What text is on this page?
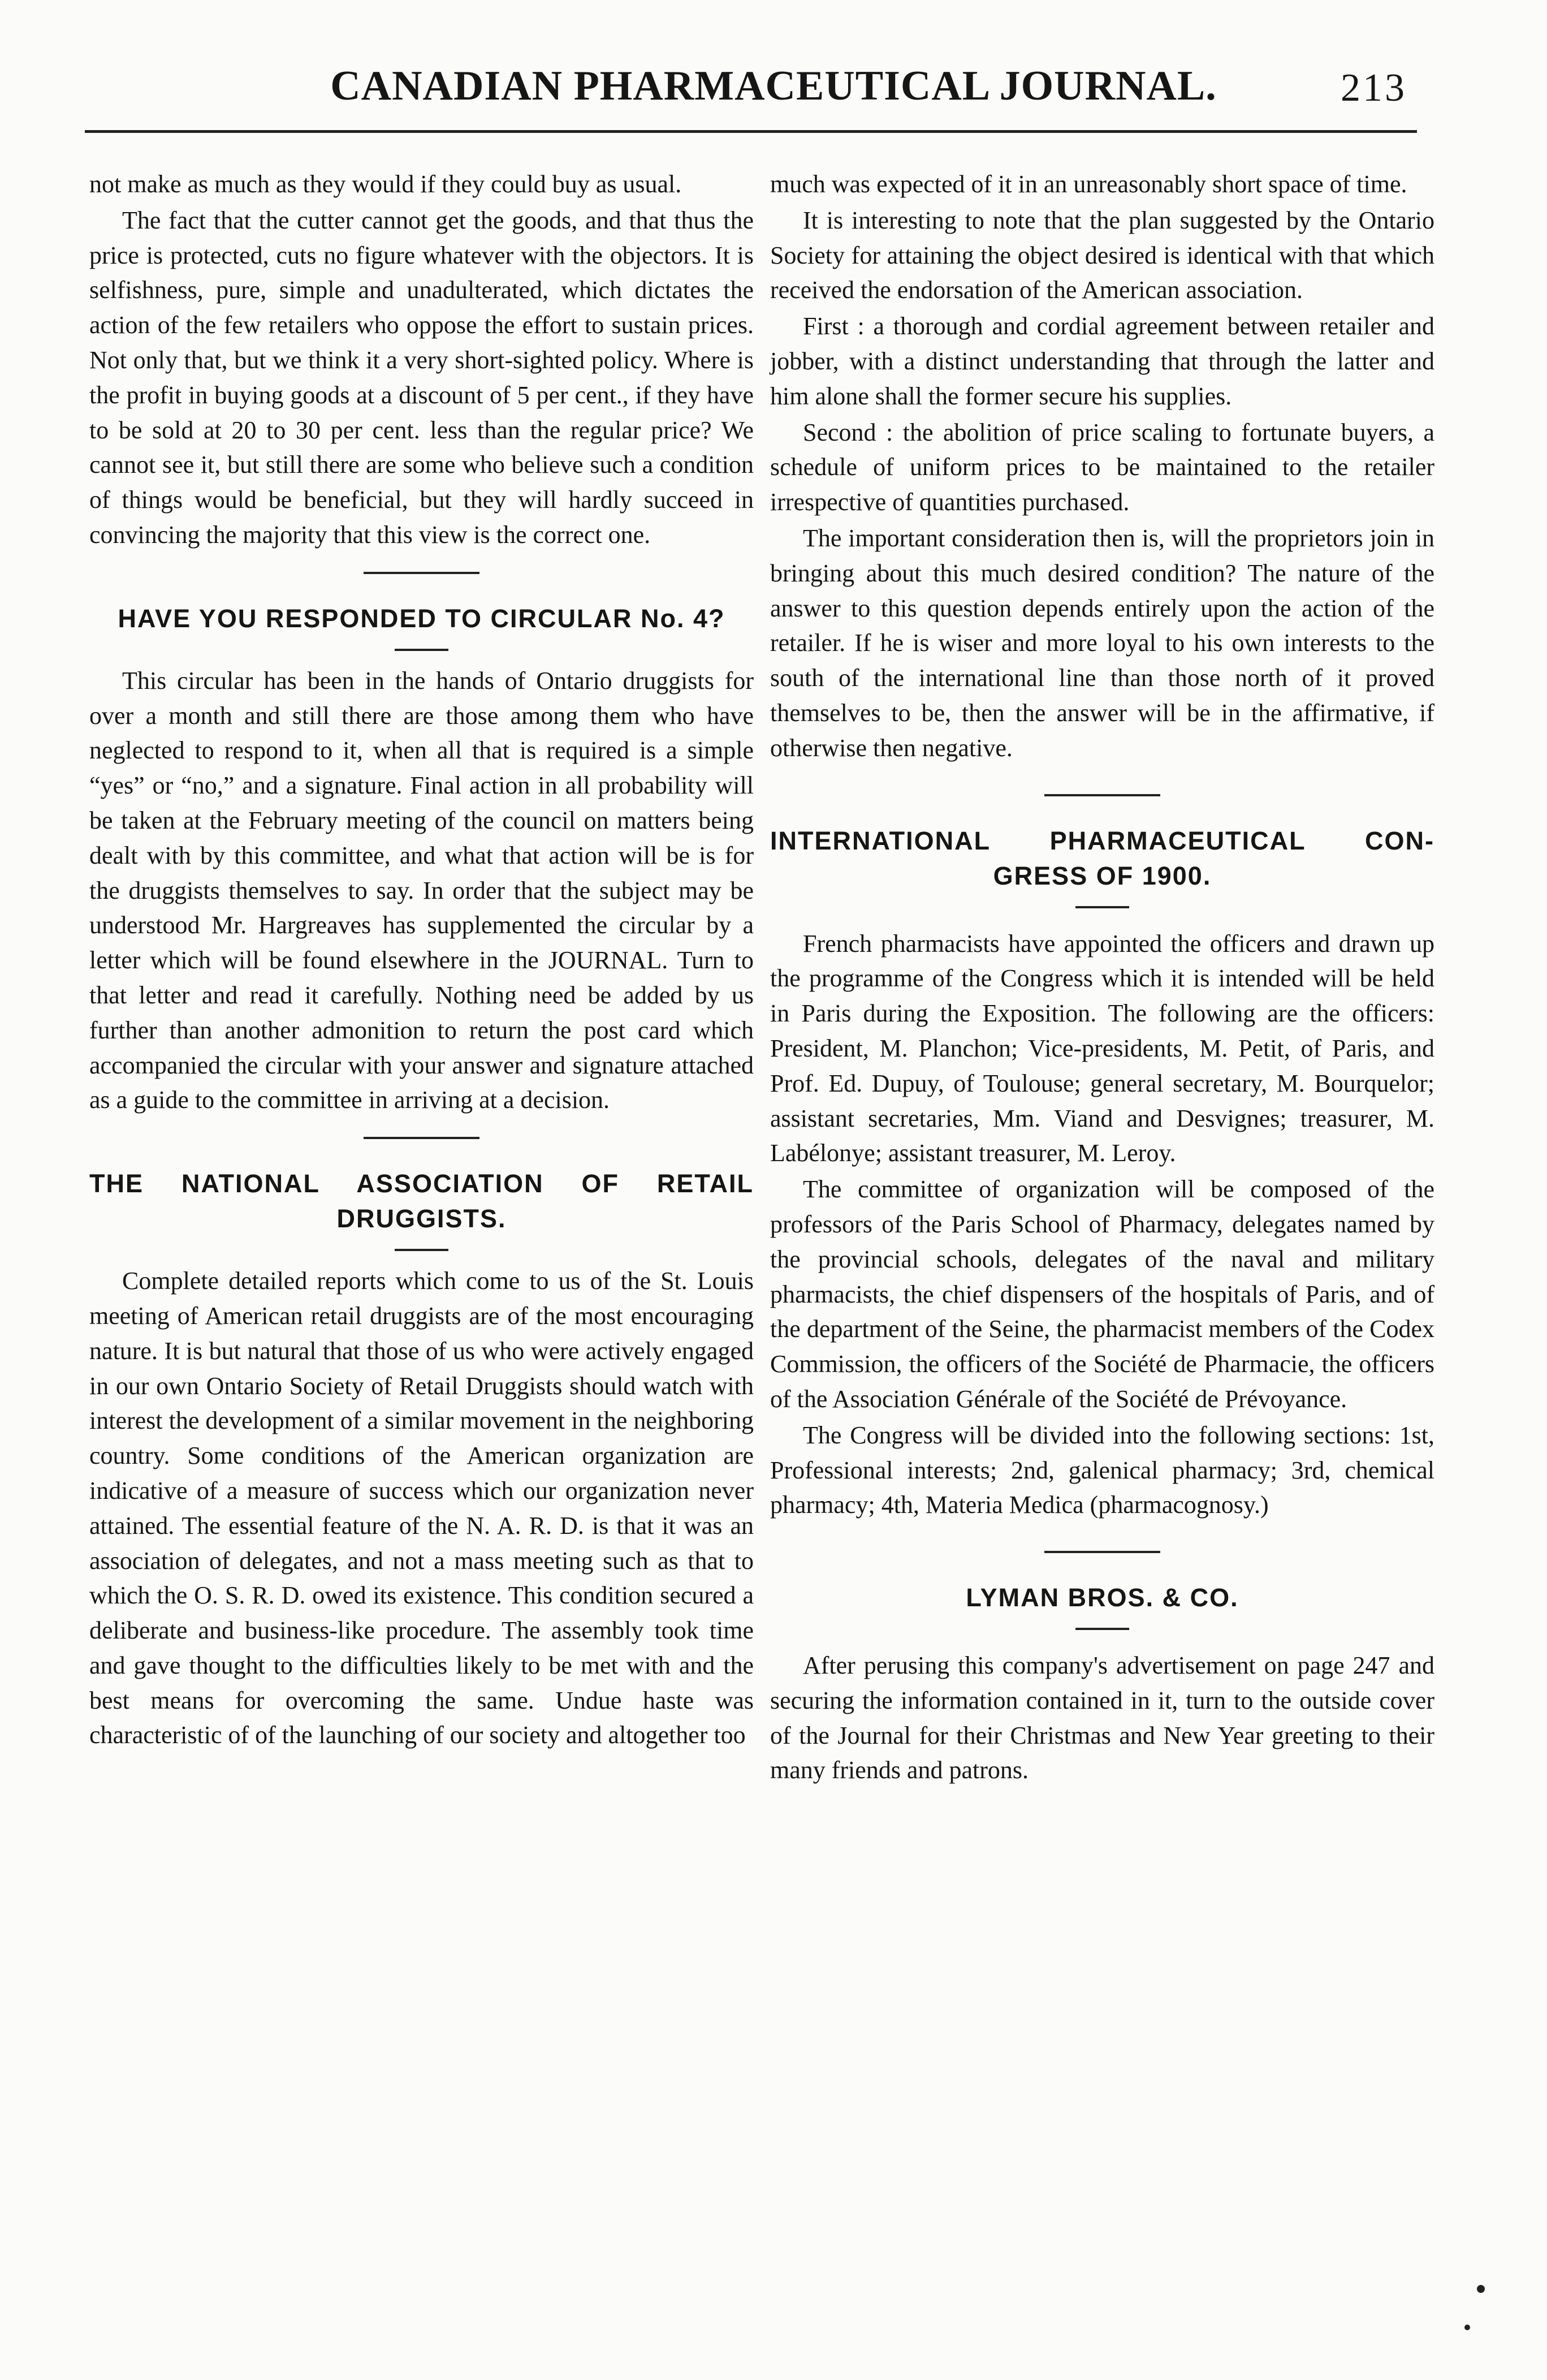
CANADIAN PHARMACEUTICAL JOURNAL.	213

not make as much as they would if they could buy as usual.

The fact that the cutter cannot get the goods, and that thus the price is protected, cuts no figure whatever with the objectors. It is selfishness, pure, simple and unadulterated, which dictates the action of the few retailers who oppose the effort to sustain prices. Not only that, but we think it a very short-sighted policy. Where is the profit in buying goods at a discount of 5 per cent., if they have to be sold at 20 to 30 per cent. less than the regular price? We cannot see it, but still there are some who believe such a condition of things would be beneficial, but they will hardly succeed in convincing the majority that this view is the correct one.

HAVE YOU RESPONDED TO CIRCULAR No. 4?

This circular has been in the hands of Ontario druggists for over a month and still there are those among them who have neglected to respond to it, when all that is required is a simple “yes” or “no,” and a signature. Final action in all probability will be taken at the February meeting of the council on matters being dealt with by this committee, and what that action will be is for the druggists themselves to say. In order that the subject may be understood Mr. Hargreaves has supplemented the circular by a letter which will be found elsewhere in the JOURNAL. Turn to that letter and read it carefully. Nothing need be added by us further than another admonition to return the post card which accompanied the circular with your answer and signature attached as a guide to the committee in arriving at a decision.

THE NATIONAL ASSOCIATION OF RETAIL
DRUGGISTS.

Complete detailed reports which come to us of the St. Louis meeting of American retail druggists are of the most encouraging nature. It is but natural that those of us who were actively engaged in our own Ontario Society of Retail Druggists should watch with interest the development of a similar movement in the neighboring country. Some conditions of the American organization are indicative of a measure of success which our organization never attained. The essential feature of the N. A. R. D. is that it was an association of delegates, and not a mass meeting such as that to which the O. S. R. D. owed its existence. This condition secured a deliberate and business-like procedure. The assembly took time and gave thought to the difficulties likely to be met with and the best means for overcoming the same. Undue haste was characteristic of of the launching of our society and altogether too

much was expected of it in an unreasonably short space of time.

It is interesting to note that the plan suggested by the Ontario Society for attaining the object desired is identical with that which received the endorsation of the American association.

First : a thorough and cordial agreement between retailer and jobber, with a distinct understanding that through the latter and him alone shall the former secure his supplies.

Second : the abolition of price scaling to fortunate buyers, a schedule of uniform prices to be maintained to the retailer irrespective of quantities purchased.

The important consideration then is, will the proprietors join in bringing about this much desired condition? The nature of the answer to this question depends entirely upon the action of the retailer. If he is wiser and more loyal to his own interests to the south of the international line than those north of it proved themselves to be, then the answer will be in the affirmative, if otherwise then negative.

INTERNATIONAL PHARMACEUTICAL CON-
GRESS OF 1900.

French pharmacists have appointed the officers and drawn up the programme of the Congress which it is intended will be held in Paris during the Exposition. The following are the officers: President, M. Planchon; Vice-presidents, M. Petit, of Paris, and Prof. Ed. Dupuy, of Toulouse; general secretary, M. Bourquelor; assistant secretaries, Mm. Viand and Desvignes; treasurer, M. Labélonye; assistant treasurer, M. Leroy.

The committee of organization will be composed of the professors of the Paris School of Pharmacy, delegates named by the provincial schools, delegates of the naval and military pharmacists, the chief dispensers of the hospitals of Paris, and of the department of the Seine, the pharmacist members of the Codex Commission, the officers of the Société de Pharmacie, the officers of the Association Générale of the Société de Prévoyance.

The Congress will be divided into the following sections: 1st, Professional interests; 2nd, galenical pharmacy; 3rd, chemical pharmacy; 4th, Materia Medica (pharmacognosy.)

LYMAN BROS. & CO.

After perusing this company's advertisement on page 247 and securing the information contained in it, turn to the outside cover of the Journal for their Christmas and New Year greeting to their many friends and patrons.
